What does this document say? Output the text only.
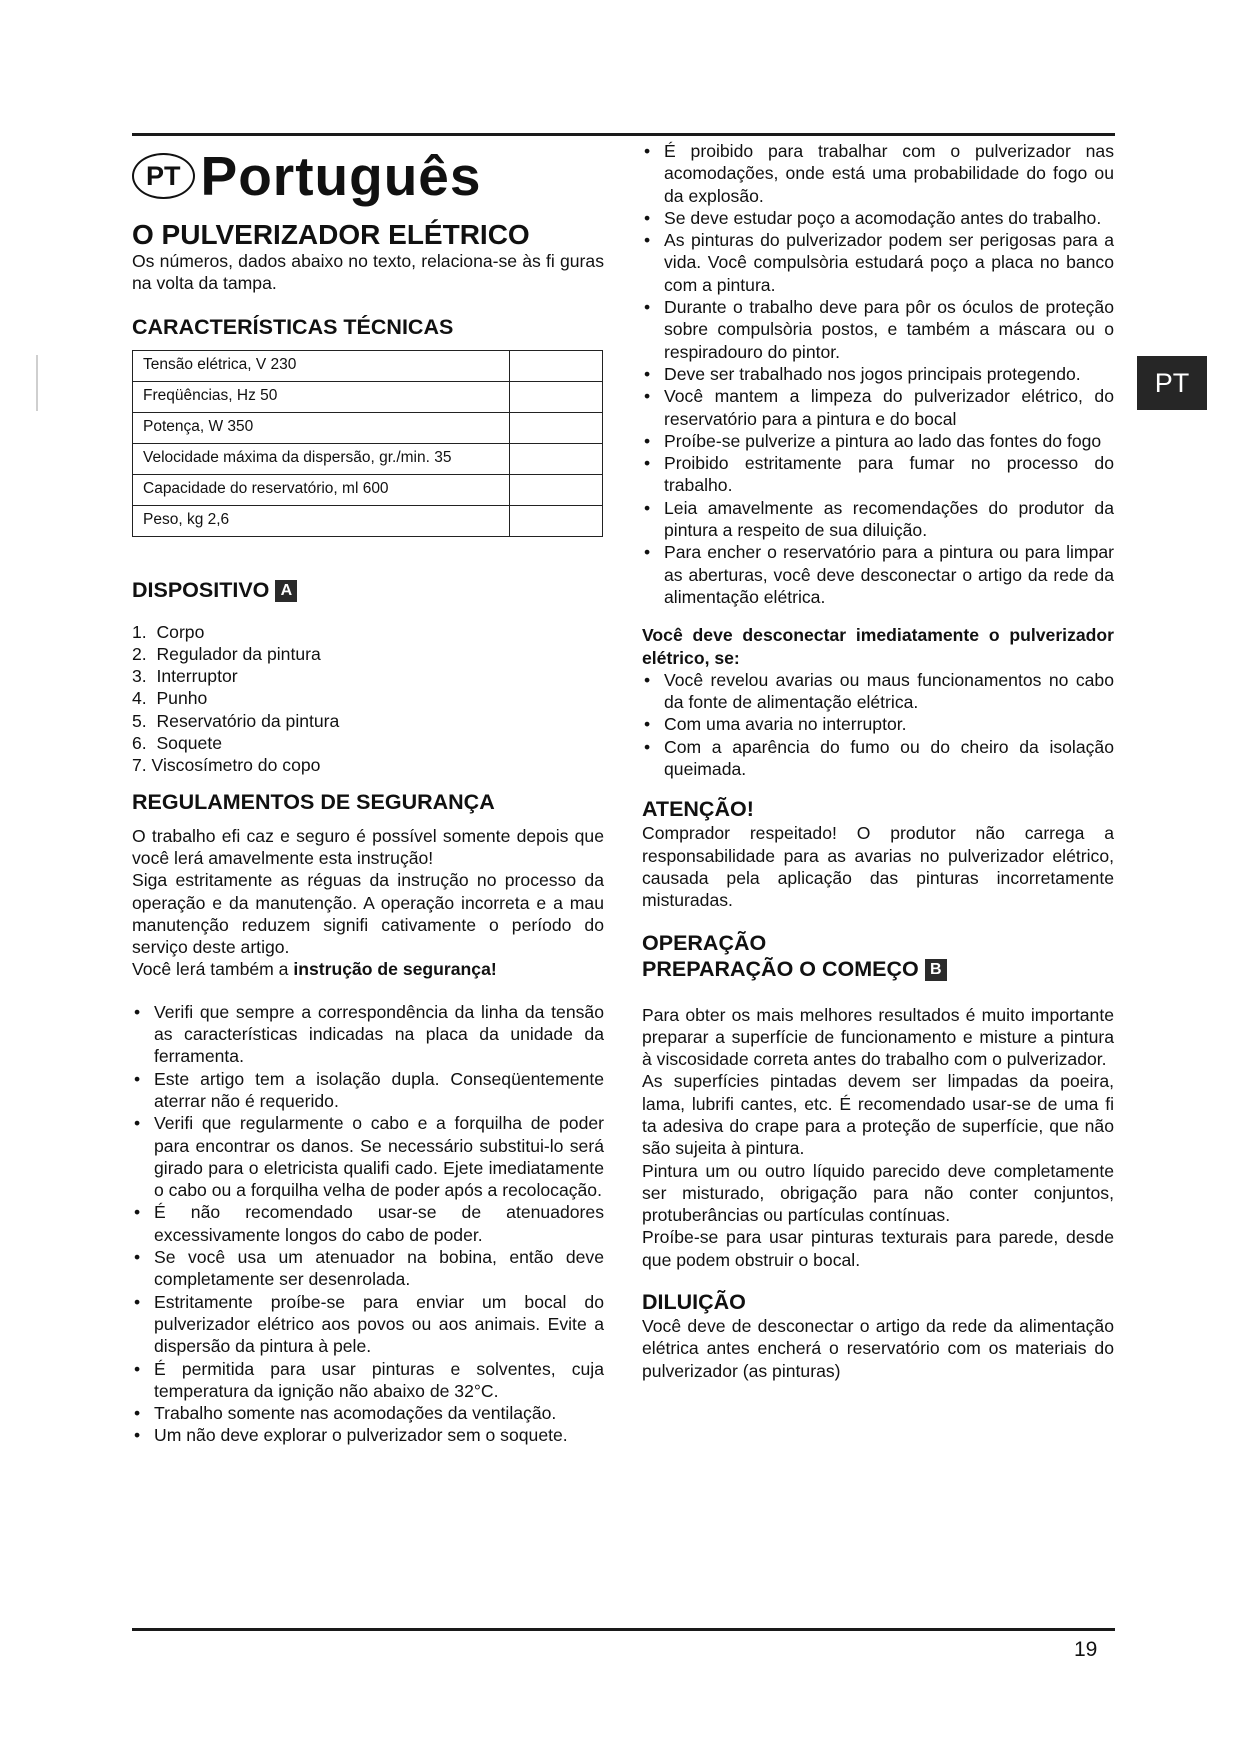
PT Português
O PULVERIZADOR ELÉTRICO

Os números, dados abaixo no texto, relaciona-se às fi guras na volta da tampa.

CARACTERÍSTICAS TÉCNICAS
Tensão elétrica, V 230	
Freqüências, Hz 50	
Potença, W 350	
Velocidade máxima da dispersão, gr./min. 35	
Capacidade do reservatório, ml 600	
Peso, kg 2,6	
DISPOSITIVO A
1.  Corpo
2.  Regulador da pintura
3.  Interruptor
4.  Punho
5.  Reservatório da pintura
6.  Soquete
7. Viscosímetro do copo
REGULAMENTOS DE SEGURANÇA

O trabalho efi caz e seguro é possível somente depois que você lerá amavelmente esta instrução!

Siga estritamente as réguas da instrução no processo da operação e da manutenção. A operação incorreta e a mau manutenção reduzem signifi cativamente o período do serviço deste artigo.

Você lerá também a instrução de segurança!

• Verifi que sempre a correspondência da linha da tensão as características indicadas na placa da unidade da ferramenta.
• Este artigo tem a isolação dupla. Conseqüentemente aterrar não é requerido.
• Verifi que regularmente o cabo e a forquilha de poder para encontrar os danos. Se necessário substitui-lo será girado para o eletricista qualifi cado. Ejete imediatamente o cabo ou a forquilha velha de poder após a recolocação.
• É não recomendado usar-se de atenuadores excessivamente longos do cabo de poder.
• Se você usa um atenuador na bobina, então deve completamente ser desenrolada.
• Estritamente proíbe-se para enviar um bocal do pulverizador elétrico aos povos ou aos animais. Evite a dispersão da pintura à pele.
• É permitida para usar pinturas e solventes, cuja temperatura da ignição não abaixo de 32°C.
• Trabalho somente nas acomodações da ventilação.
• Um não deve explorar o pulverizador sem o soquete.
• É proibido para trabalhar com o pulverizador nas acomodações, onde está uma probabilidade do fogo ou da explosão.
• Se deve estudar poço a acomodação antes do trabalho.
• As pinturas do pulverizador podem ser perigosas para a vida. Você compulsòria estudará poço a placa no banco com a pintura.
• Durante o trabalho deve para pôr os óculos de proteção sobre compulsòria postos, e também a máscara ou o respiradouro do pintor.
• Deve ser trabalhado nos jogos principais protegendo.
• Você mantem a limpeza do pulverizador elétrico, do reservatório para a pintura e do bocal
• Proíbe-se pulverize a pintura ao lado das fontes do fogo
• Proibido estritamente para fumar no processo do trabalho.
• Leia amavelmente as recomendações do produtor da pintura a respeito de sua diluição.
• Para encher o reservatório para a pintura ou para limpar as aberturas, você deve desconectar o artigo da rede da alimentação elétrica.

Você deve desconectar imediatamente o pulverizador elétrico, se:

• Você revelou avarias ou maus funcionamentos no cabo da fonte de alimentação elétrica.
• Com uma avaria no interruptor.
• Com a aparência do fumo ou do cheiro da isolação queimada.
ATENÇÃO!

Comprador respeitado! O produtor não carrega a responsabilidade para as avarias no pulverizador elétrico, causada pela aplicação das pinturas incorretamente misturadas.

OPERAÇÃO
PREPARAÇÃO O COMEÇO B

Para obter os mais melhores resultados é muito importante preparar a superfície de funcionamento e misture a pintura à viscosidade correta antes do trabalho com o pulverizador.

As superfícies pintadas devem ser limpadas da poeira, lama, lubrifi cantes, etc. É recomendado usar-se de uma fi ta adesiva do crape para a proteção de superfície, que não são sujeita à pintura.

Pintura um ou outro líquido parecido deve completamente ser misturado, obrigação para não conter conjuntos, protuberâncias ou partículas contínuas.

Proíbe-se para usar pinturas texturais para parede, desde que podem obstruir o bocal.

DILUIÇÃO

Você deve de desconectar o artigo da rede da alimentação elétrica antes encherá o reservatório com os materiais do pulverizador (as pinturas)

PT
19
